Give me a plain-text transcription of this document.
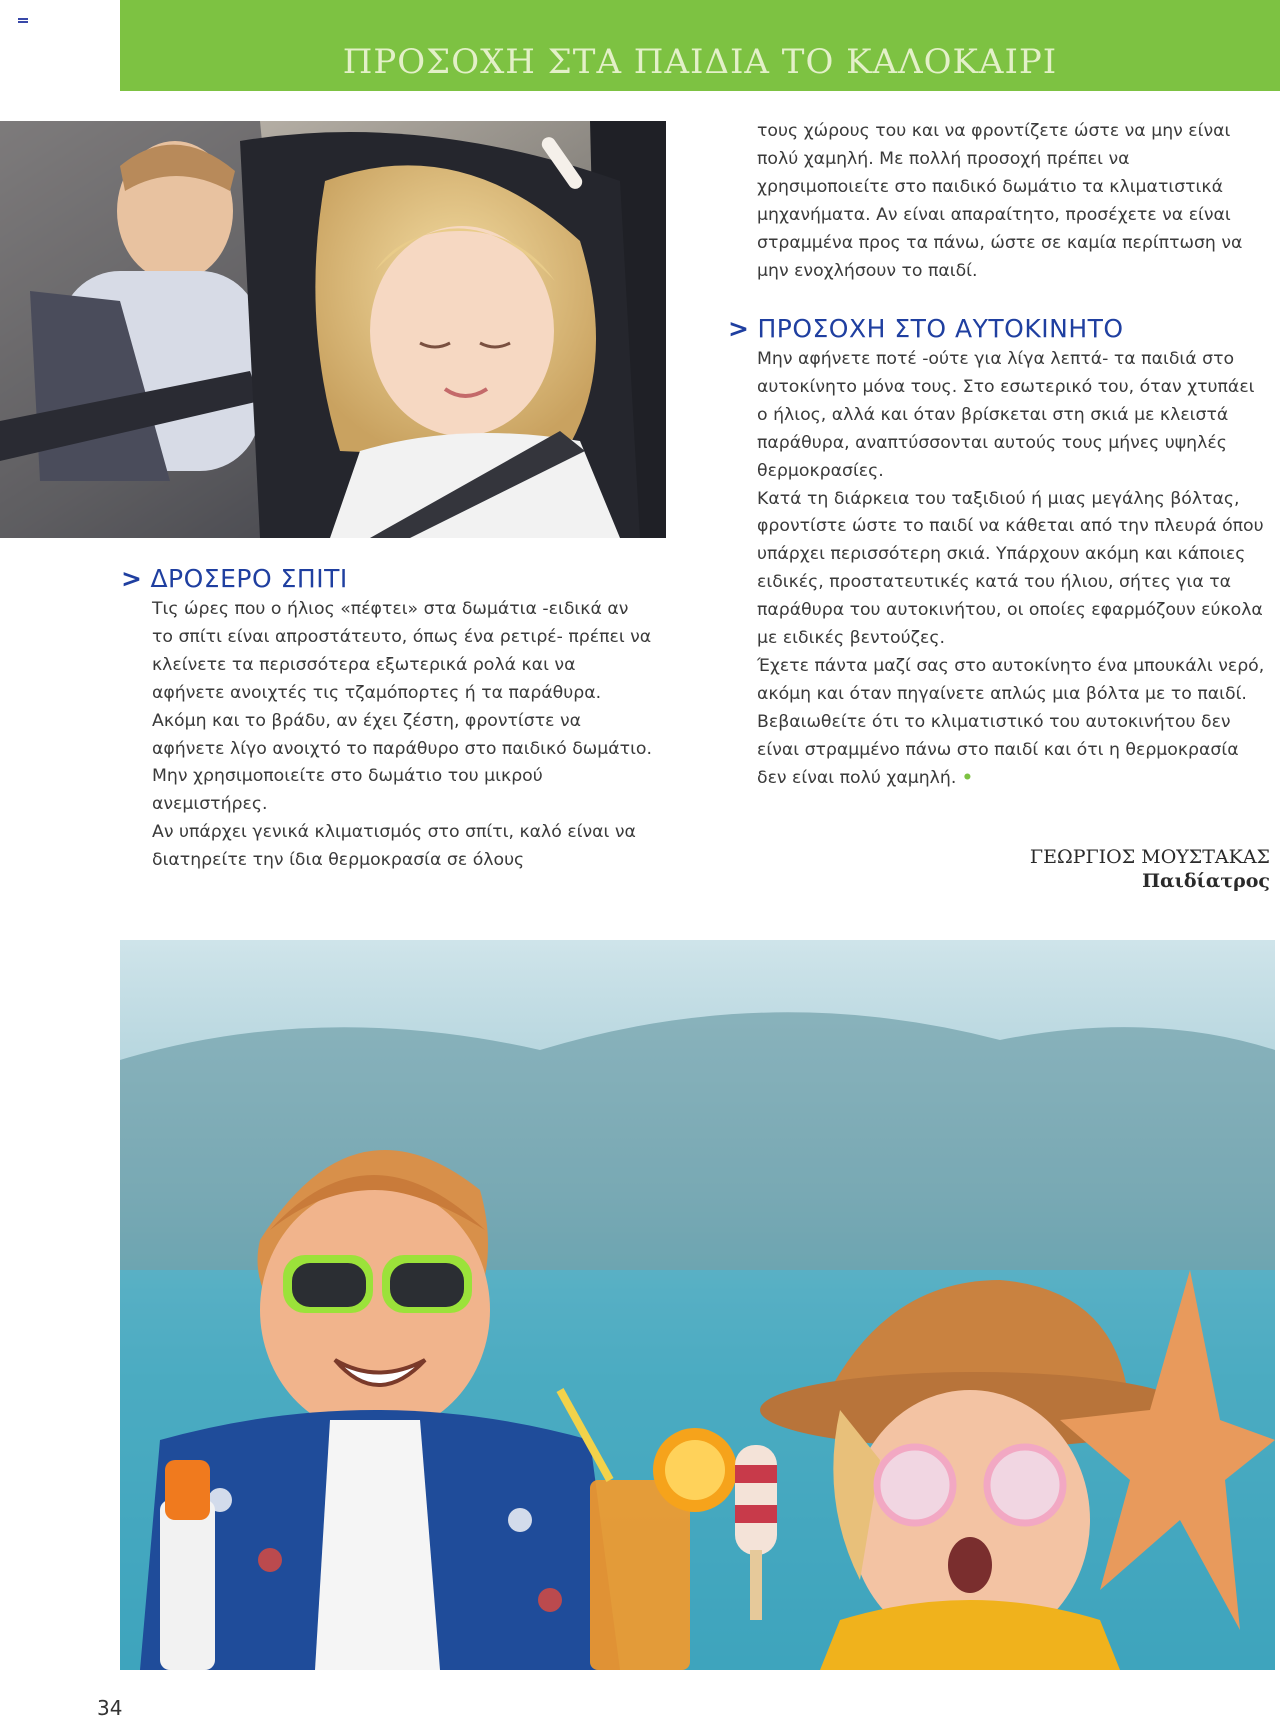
ΠΡΟΣΟΧΗ ΣΤΑ ΠΑΙΔΙΑ ΤΟ ΚΑΛΟΚΑΙΡΙ
> ΔΡΟΣΕΡΟ ΣΠΙΤΙ

Τις ώρες που ο ήλιος «πέφτει» στα δωμάτια -ειδικά αν το σπίτι είναι απροστάτευτο, όπως ένα ρετιρέ- πρέπει να κλείνετε τα περισσότερα εξωτερικά ρολά και να αφήνετε ανοιχτές τις τζαμόπορτες ή τα παράθυρα. Ακόμη και το βράδυ, αν έχει ζέστη, φροντίστε να αφήνετε λίγο ανοιχτό το παράθυρο στο παιδικό δωμάτιο.

Μην χρησιμοποιείτε στο δωμάτιο του μικρού ανεμιστήρες.

Αν υπάρχει γενικά κλιματισμός στο σπίτι, καλό είναι να διατηρείτε την ίδια θερμοκρασία σε όλους

τους χώρους του και να φροντίζετε ώστε να μην είναι πολύ χαμηλή. Με πολλή προσοχή πρέπει να χρησιμοποιείτε στο παιδικό δωμάτιο τα κλιματιστικά μηχανήματα. Αν είναι απαραίτητο, προσέχετε να είναι στραμμένα προς τα πάνω, ώστε σε καμία περίπτωση να μην ενοχλήσουν το παιδί.

> ΠΡΟΣΟΧΗ ΣΤΟ ΑΥΤΟΚΙΝΗΤΟ

Μην αφήνετε ποτέ -ούτε για λίγα λεπτά- τα παιδιά στο αυτοκίνητο μόνα τους. Στο εσωτερικό του, όταν χτυπάει ο ήλιος, αλλά και όταν βρίσκεται στη σκιά με κλειστά παράθυρα, αναπτύσσονται αυτούς τους μήνες υψηλές θερμοκρασίες.

Κατά τη διάρκεια του ταξιδιού ή μιας μεγάλης βόλτας, φροντίστε ώστε το παιδί να κάθεται από την πλευρά όπου υπάρχει περισσότερη σκιά. Υπάρχουν ακόμη και κάποιες ειδικές, προστατευτικές κατά του ήλιου, σήτες για τα παράθυρα του αυτοκινήτου, οι οποίες εφαρμόζουν εύκολα με ειδικές βεντούζες.

Έχετε πάντα μαζί σας στο αυτοκίνητο ένα μπουκάλι νερό, ακόμη και όταν πηγαίνετε απλώς μια βόλτα με το παιδί.

Βεβαιωθείτε ότι το κλιματιστικό του αυτοκινήτου δεν είναι στραμμένο πάνω στο παιδί και ότι η θερμοκρασία δεν είναι πολύ χαμηλή. •

ΓΕΩΡΓΙΟΣ ΜΟΥΣΤΑΚΑΣ
Παιδίατρος
34
